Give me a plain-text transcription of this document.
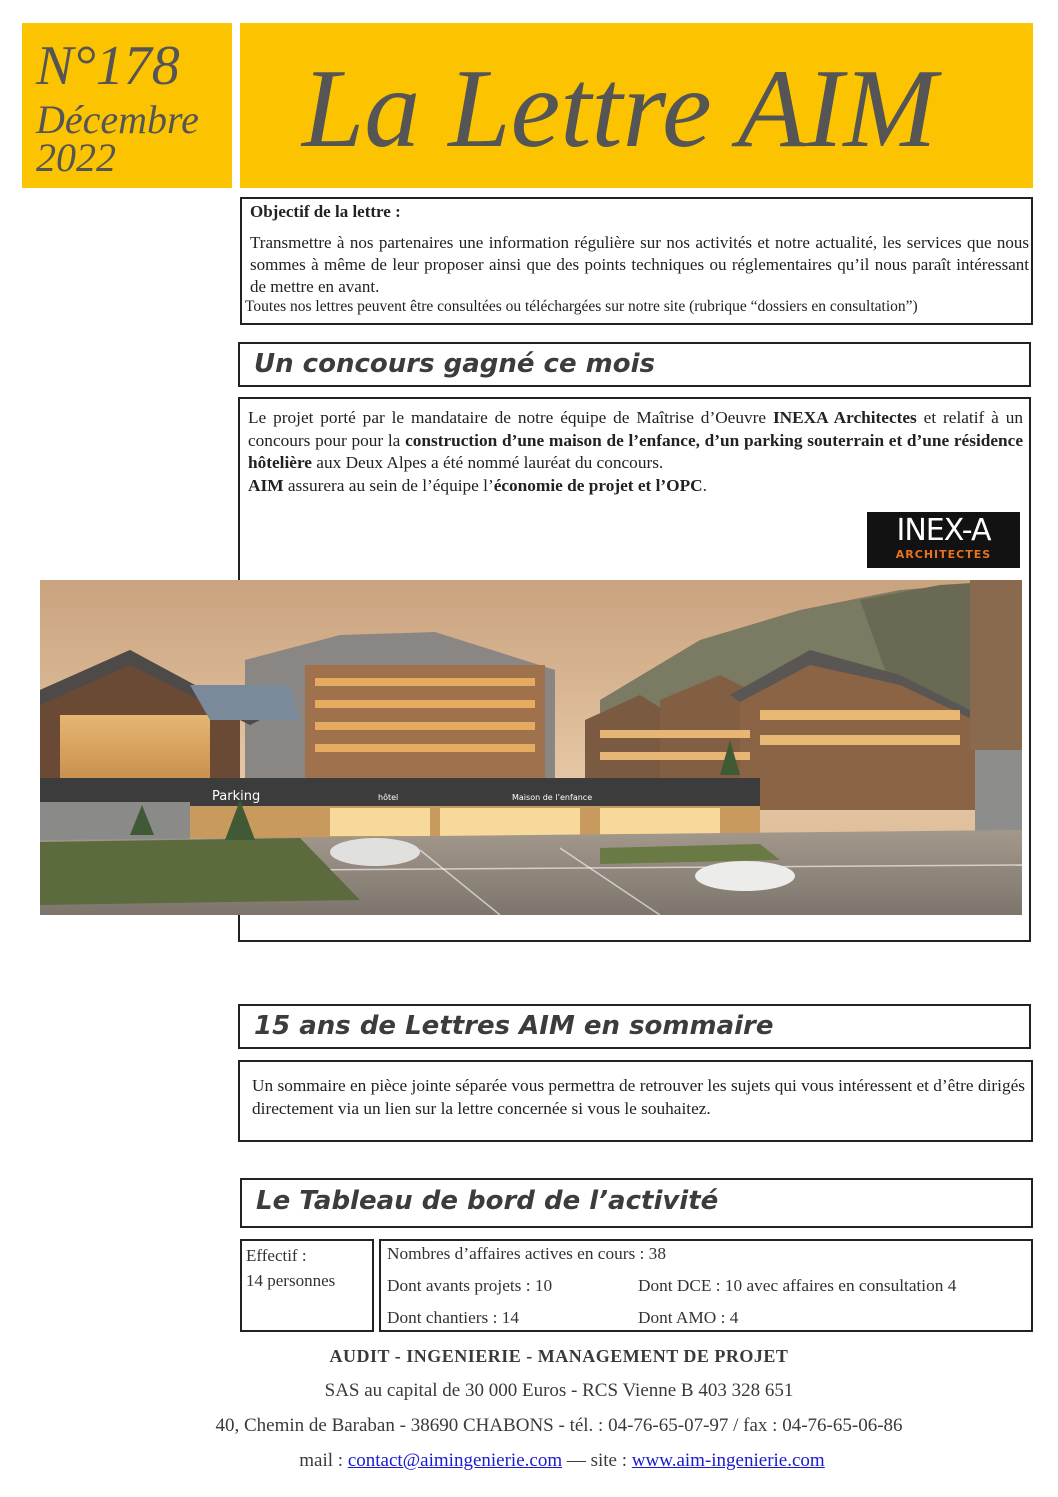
N°178
Décembre
2022 La Lettre AIM
Objectif de la lettre :
Transmettre à nos partenaires une information régulière sur nos activités et notre actualité, les services que nous sommes à même de leur proposer ainsi que des points techniques ou réglementaires qu’il nous paraît intéressant de mettre en avant.
Toutes nos lettres peuvent être consultées ou téléchargées sur notre site (rubrique “dossiers en consultation”)
Un concours gagné ce mois
Le projet porté par le mandataire de notre équipe de Maîtrise d’Oeuvre INEXA Architectes et relatif à un concours pour pour la construction d’une maison de l’enfance, d’un parking souterrain et d’une résidence hôtelière aux Deux Alpes a été nommé lauréat du concours.
AIM assurera au sein de l’équipe l’économie de projet et l’OPC.
INEX-A
ARCHITECTES
Parking	hôtel	Maison de l’enfance
15 ans de Lettres AIM en sommaire
Un sommaire en pièce jointe séparée vous permettra de retrouver les sujets qui vous intéressent et d’être dirigés directement via un lien sur la lettre concernée si vous le souhaitez.
Le Tableau de bord de l’activité
Effectif :
14 personnes
Nombres d’affaires actives en cours : 38
Dont avants projets : 10	Dont DCE : 10 avec affaires en consultation 4
Dont chantiers : 14	Dont AMO : 4
AUDIT - INGENIERIE - MANAGEMENT DE PROJET
SAS au capital de 30 000 Euros - RCS Vienne B 403 328 651
40, Chemin de Baraban - 38690 CHABONS - tél. : 04-76-65-07-97 / fax : 04-76-65-06-86
mail : contact@aimingenierie.com — site : www.aim-ingenierie.com
